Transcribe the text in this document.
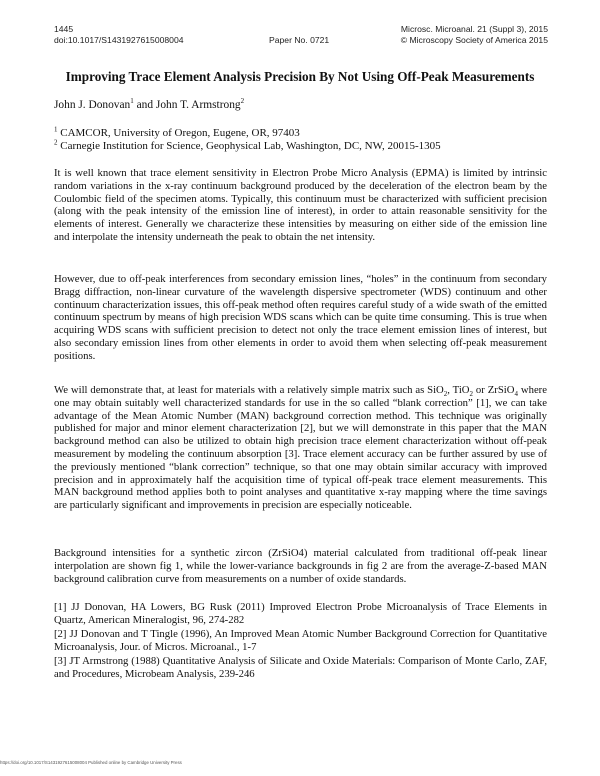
1445	Microsc. Microanal. 21 (Suppl 3), 2015
doi:10.1017/S1431927615008004	Paper No. 0721	© Microscopy Society of America 2015
Improving Trace Element Analysis Precision By Not Using Off-Peak Measurements
John J. Donovan$^1$ and John T. Armstrong$^2$
$^1$ CAMCOR, University of Oregon, Eugene, OR, 97403
$^2$ Carnegie Institution for Science, Geophysical Lab, Washington, DC, NW, 20015-1305

It is well known that trace element sensitivity in Electron Probe Micro Analysis (EPMA) is limited by intrinsic random variations in the x-ray continuum background produced by the deceleration of the electron beam by the Coulombic field of the specimen atoms. Typically, this continuum must be characterized with sufficient precision (along with the peak intensity of the emission line of interest), in order to attain reasonable sensitivity for the elements of interest. Generally we characterize these intensities by measuring on either side of the emission line and interpolate the intensity underneath the peak to obtain the net intensity.

However, due to off-peak interferences from secondary emission lines, “holes” in the continuum from secondary Bragg diffraction, non-linear curvature of the wavelength dispersive spectrometer (WDS) continuum and other continuum characterization issues, this off-peak method often requires careful study of a wide swath of the emitted continuum spectrum by means of high precision WDS scans which can be quite time consuming. This is true when acquiring WDS scans with sufficient precision to detect not only the trace element emission lines of interest, but also secondary emission lines from other elements in order to avoid them when selecting off-peak measurement positions.

We will demonstrate that, at least for materials with a relatively simple matrix such as SiO$_2$, TiO$_2$ or ZrSiO$_4$ where one may obtain suitably well characterized standards for use in the so called “blank correction” [1], we can take advantage of the Mean Atomic Number (MAN) background correction method. This technique was originally published for major and minor element characterization [2], but we will demonstrate in this paper that the MAN background method can also be utilized to obtain high precision trace element characterization without off-peak measurement by modeling the continuum absorption [3]. Trace element accuracy can be further assured by use of the previously mentioned “blank correction” technique, so that one may obtain similar accuracy with improved precision and in approximately half the acquisition time of typical off-peak trace element measurements. This MAN background method applies both to point analyses and quantitative x-ray mapping where the time savings are particularly significant and improvements in precision are especially noticeable.

Background intensities for a synthetic zircon (ZrSiO4) material calculated from traditional off-peak linear interpolation are shown fig 1, while the lower-variance backgrounds in fig 2 are from the average-Z-based MAN background calibration curve from measurements on a number of oxide standards.

[1] JJ Donovan, HA Lowers, BG Rusk (2011) Improved Electron Probe Microanalysis of Trace Elements in Quartz, American Mineralogist, 96, 274-282

[2] JJ Donovan and T Tingle (1996), An Improved Mean Atomic Number Background Correction for Quantitative Microanalysis, Jour. of Micros. Microanal., 1-7

[3] JT Armstrong (1988) Quantitative Analysis of Silicate and Oxide Materials: Comparison of Monte Carlo, ZAF, and Procedures, Microbeam Analysis, 239-246

https://doi.org/10.1017/S1431927615008004 Published online by Cambridge University Press
